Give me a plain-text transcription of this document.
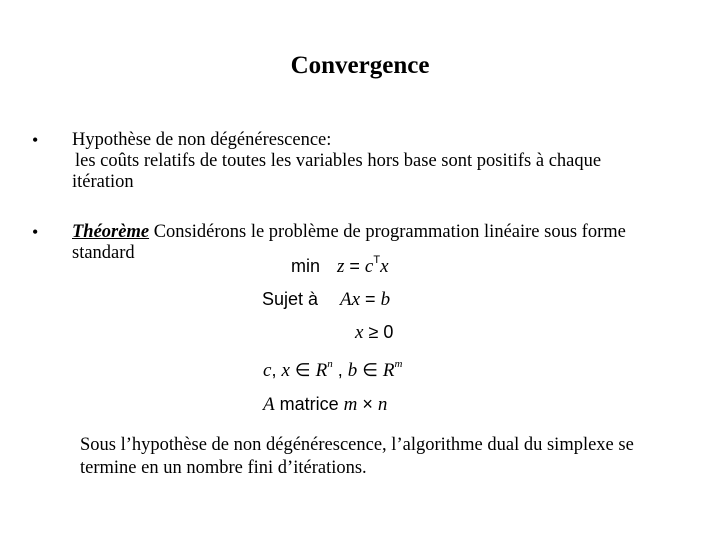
Convergence
• Hypothèse de non dégénérescence:
les coûts relatifs de toutes les variables hors base sont positifs à chaque
itération
• Théorème Considérons le problème de programmation linéaire sous forme
standard
$\min z = c^Tx$
Sujet à Ax = b
x ≥ 0
c, x ∈ $R^n$ , b ∈ $R^m$
A matrice m × n
Sous l’hypothèse de non dégénérescence, l’algorithme dual du simplexe se
termine en un nombre fini d’itérations.
